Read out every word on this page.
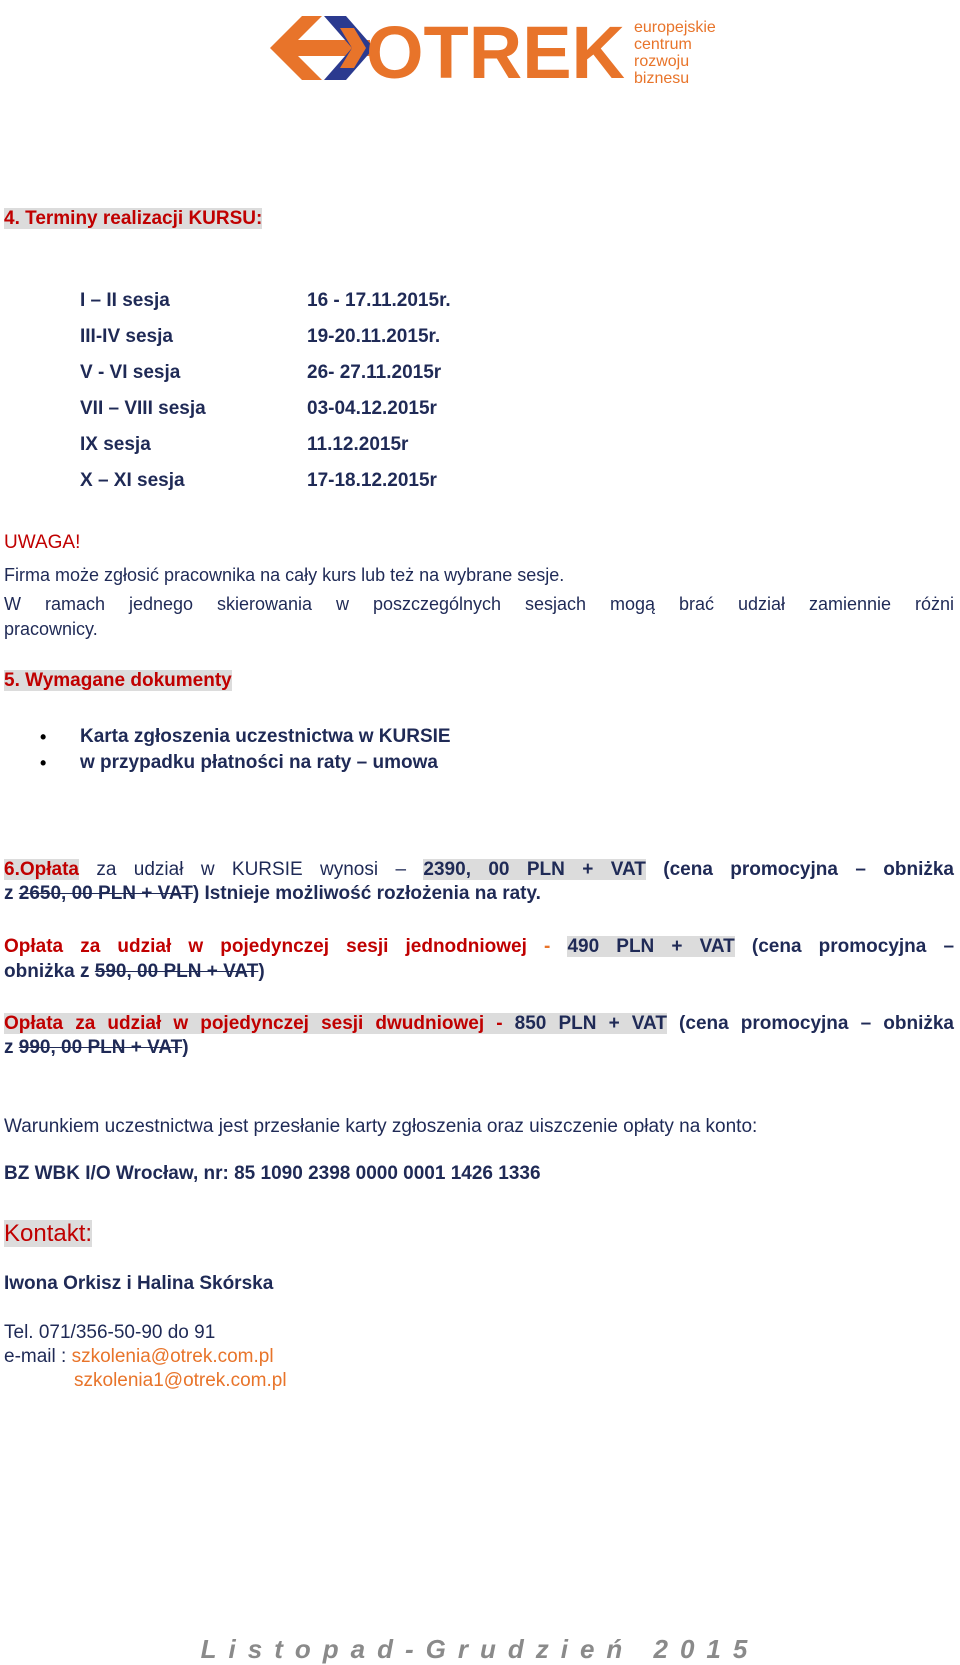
OTREK europejskie
centrum
rozwoju
biznesu
4. Terminy realizacji KURSU:
I – II sesja	16 - 17.11.2015r.
III-IV sesja	19-20.11.2015r.
V - VI sesja	26- 27.11.2015r
VII – VIII sesja	03-04.12.2015r
IX sesja	11.12.2015r
X – XI sesja	17-18.12.2015r
UWAGA!
Firma może zgłosić pracownika na cały kurs lub też na wybrane sesje.
W ramach jednego skierowania w poszczególnych sesjach mogą brać udział zamiennie różni
pracownicy.
5. Wymagane dokumenty
• Karta zgłoszenia uczestnictwa w KURSIE
• w przypadku płatności na raty – umowa
6.Opłata za udział w KURSIE wynosi – 2390, 00 PLN + VAT (cena promocyjna – obniżka
z 2650, 00 PLN + VAT) Istnieje możliwość rozłożenia na raty.
Opłata za udział w pojedynczej sesji jednodniowej - 490 PLN + VAT (cena promocyjna –
obniżka z 590, 00 PLN + VAT)
Opłata za udział w pojedynczej sesji dwudniowej - 850 PLN + VAT (cena promocyjna – obniżka
z 990, 00 PLN + VAT)
Warunkiem uczestnictwa jest przesłanie karty zgłoszenia oraz uiszczenie opłaty na konto:
BZ WBK I/O Wrocław, nr: 85 1090 2398 0000 0001 1426 1336
Kontakt:
Iwona Orkisz i Halina Skórska
Tel. 071/356-50-90 do 91
e-mail : szkolenia@otrek.com.pl
szkolenia1@otrek.com.pl
Listopad-Grudzień 2015
